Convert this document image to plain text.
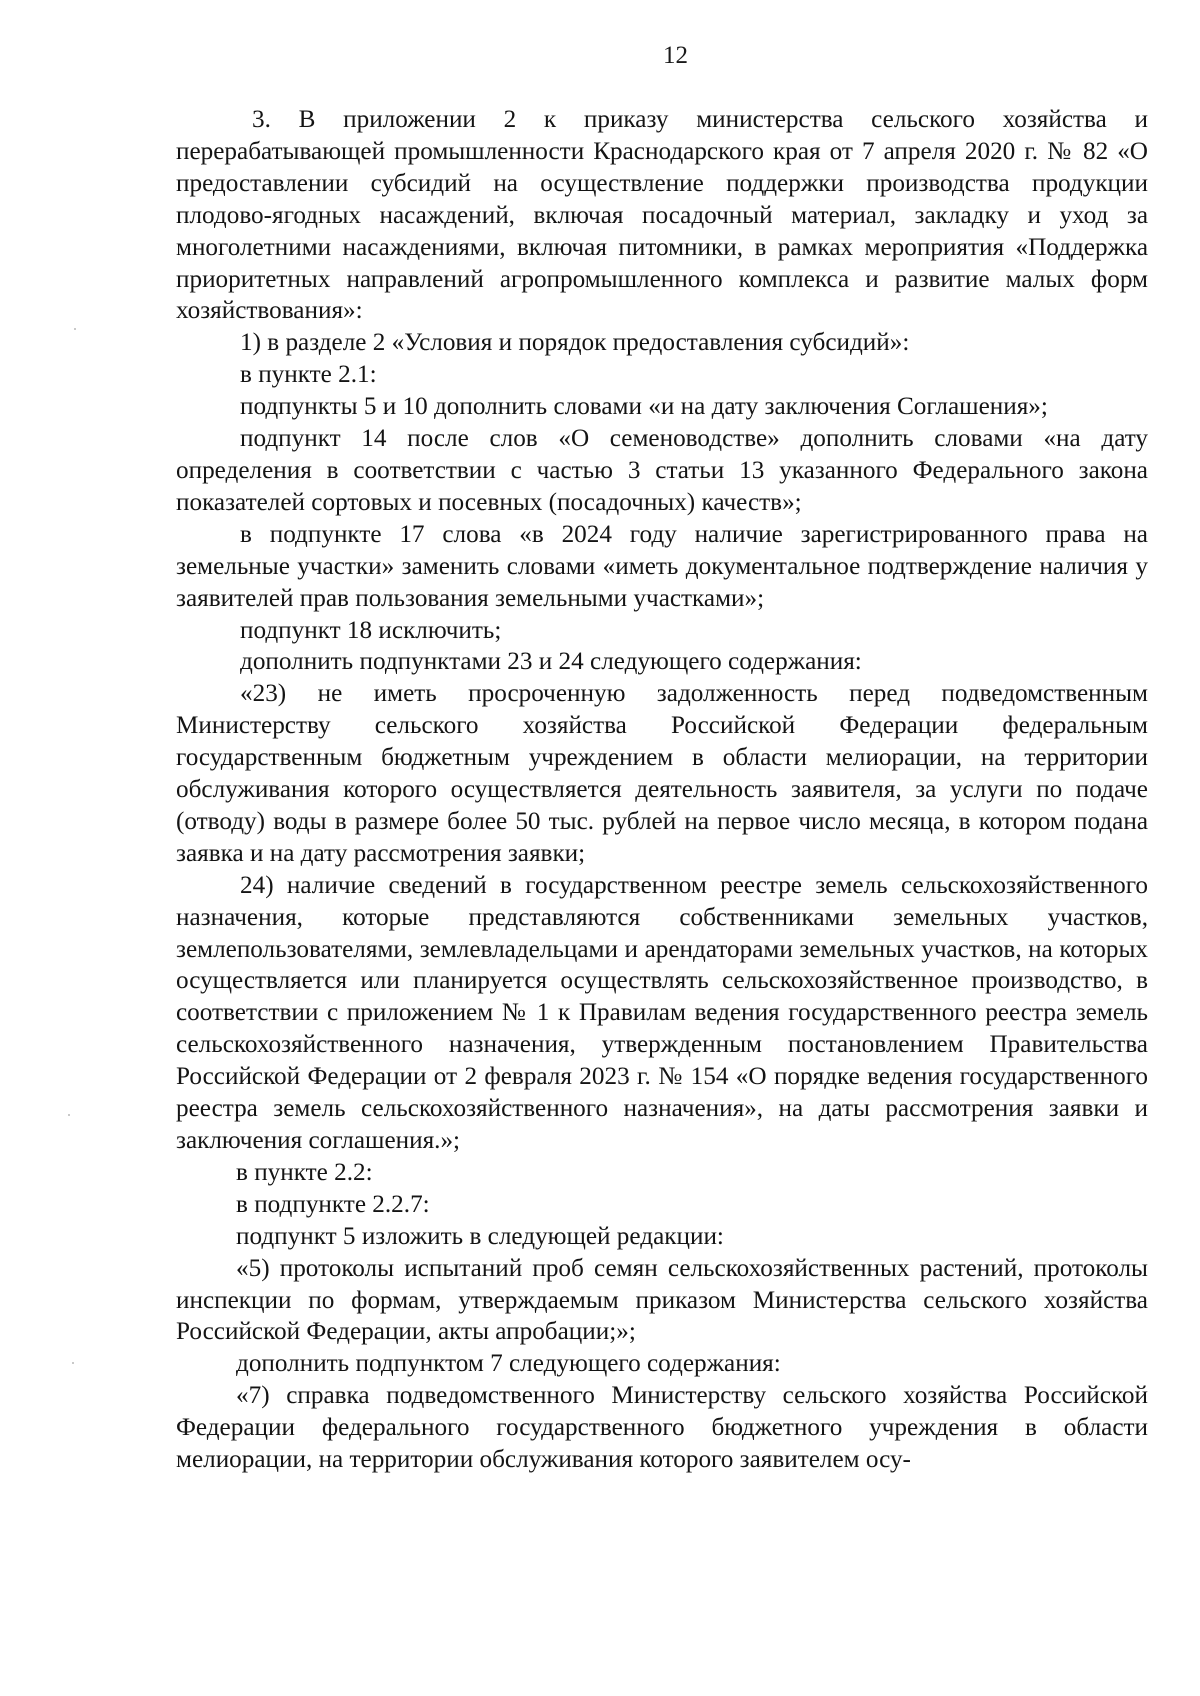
12

3. В приложении 2 к приказу министерства сельского хозяйства и перерабатывающей промышленности Краснодарского края от 7 апреля 2020 г. № 82 «О предоставлении субсидий на осуществление поддержки производства продукции плодово-ягодных насаждений, включая посадочный материал, закладку и уход за многолетними насаждениями, включая питомники, в рамках мероприятия «Поддержка приоритетных направлений агропромышленного комплекса и развитие малых форм хозяйствования»:

1) в разделе 2 «Условия и порядок предоставления субсидий»:

в пункте 2.1:

подпункты 5 и 10 дополнить словами «и на дату заключения Соглашения»;

подпункт 14 после слов «О семеноводстве» дополнить словами «на дату определения в соответствии с частью 3 статьи 13 указанного Федерального закона показателей сортовых и посевных (посадочных) качеств»;

в подпункте 17 слова «в 2024 году наличие зарегистрированного права на земельные участки» заменить словами «иметь документальное подтверждение наличия у заявителей прав пользования земельными участками»;

подпункт 18 исключить;

дополнить подпунктами 23 и 24 следующего содержания:

«23) не иметь просроченную задолженность перед подведомственным Министерству сельского хозяйства Российской Федерации федеральным государственным бюджетным учреждением в области мелиорации, на территории обслуживания которого осуществляется деятельность заявителя, за услуги по подаче (отводу) воды в размере более 50 тыс. рублей на первое число месяца, в котором подана заявка и на дату рассмотрения заявки;

24) наличие сведений в государственном реестре земель сельскохозяйственного назначения, которые представляются собственниками земельных участков, землепользователями, землевладельцами и арендаторами земельных участков, на которых осуществляется или планируется осуществлять сельскохозяйственное производство, в соответствии с приложением № 1 к Правилам ведения государственного реестра земель сельскохозяйственного назначения, утвержденным постановлением Правительства Российской Федерации от 2 февраля 2023 г. № 154 «О порядке ведения государственного реестра земель сельскохозяйственного назначения», на даты рассмотрения заявки и заключения соглашения.»;

в пункте 2.2:

в подпункте 2.2.7:

подпункт 5 изложить в следующей редакции:

«5) протоколы испытаний проб семян сельскохозяйственных растений, протоколы инспекции по формам, утверждаемым приказом Министерства сельского хозяйства Российской Федерации, акты апробации;»;

дополнить подпунктом 7 следующего содержания:

«7) справка подведомственного Министерству сельского хозяйства Российской Федерации федерального государственного бюджетного учреждения в области мелиорации, на территории обслуживания которого заявителем осу-
